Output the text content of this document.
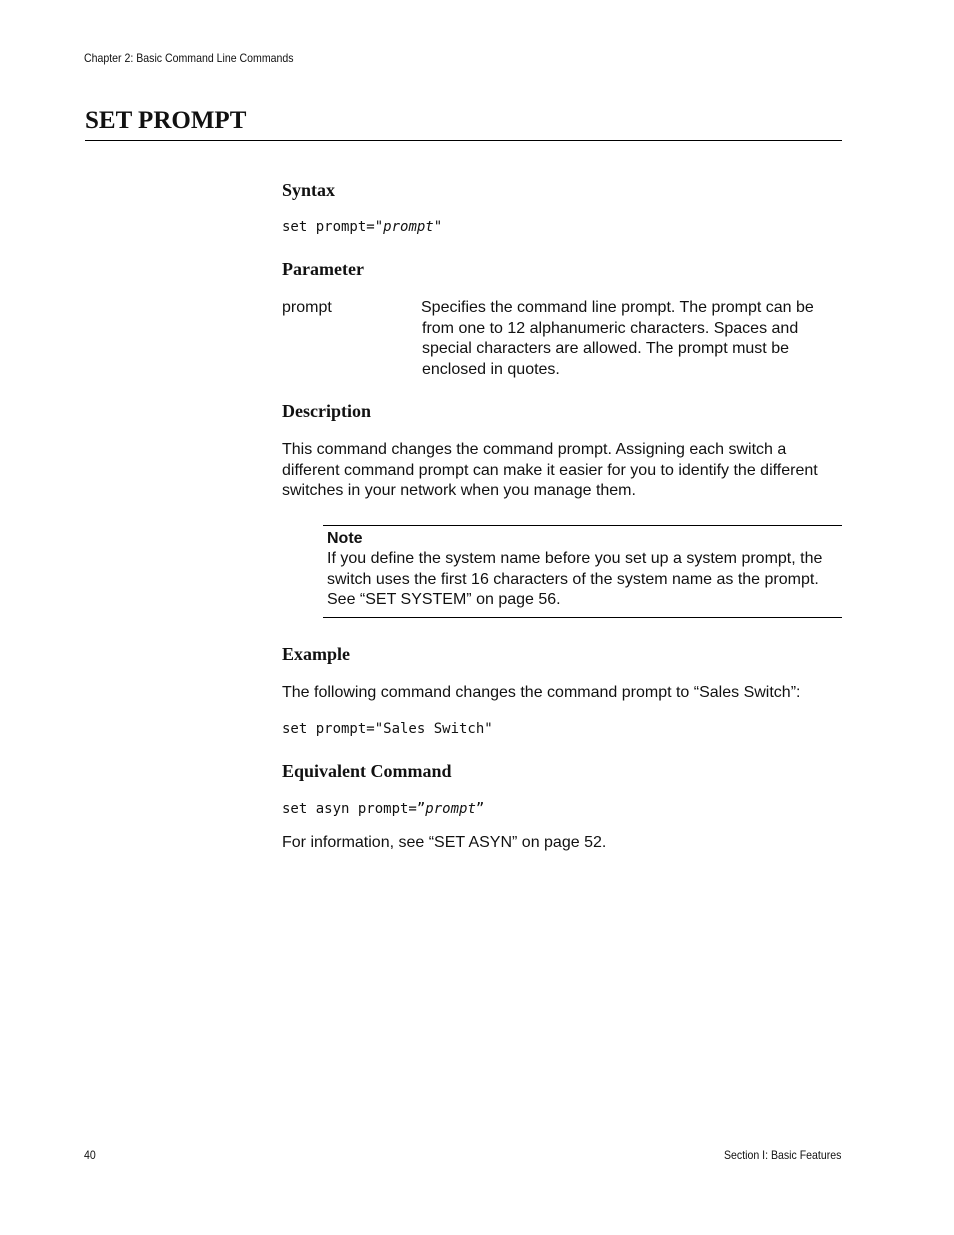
Chapter 2: Basic Command Line Commands
SET PROMPT
Syntax
set prompt="prompt"
Parameter
prompt	Specifies the command line prompt. The prompt can be from one to 12 alphanumeric characters. Spaces and special characters are allowed. The prompt must be enclosed in quotes.
Description
This command changes the command prompt. Assigning each switch a different command prompt can make it easier for you to identify the different switches in your network when you manage them.
Note
If you define the system name before you set up a system prompt, the switch uses the first 16 characters of the system name as the prompt. See “SET SYSTEM” on page 56.
Example
The following command changes the command prompt to “Sales Switch”:
set prompt="Sales Switch"
Equivalent Command
set asyn prompt=”prompt”
For information, see “SET ASYN” on page 52.
40	Section I: Basic Features
